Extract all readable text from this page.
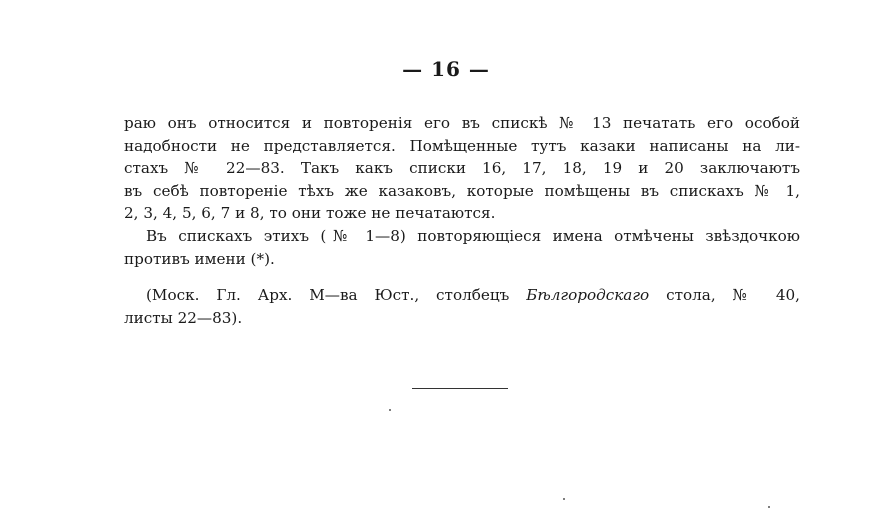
— 16 —
раю онъ относится и повторенія его въ спискѣ № 13 печатать его особой
надобности не представляется. Помѣщенные тутъ казаки написаны на ли-
стахъ № 22—83. Такъ какъ списки 16, 17, 18, 19 и 20 заключаютъ
въ себѣ повтореніе тѣхъ же казаковъ, которые помѣщены въ спискахъ № 1,
2, 3, 4, 5, 6, 7 и 8, то они тоже не печатаются.
Въ спискахъ этихъ (№ 1—8) повторяющіеся имена отмѣчены звѣздочкою
противъ имени (*).
(Моск. Гл. Арх. М—ва Юст., столбецъ Бѣлгородскаго стола, № 40,
листы 22—83).
